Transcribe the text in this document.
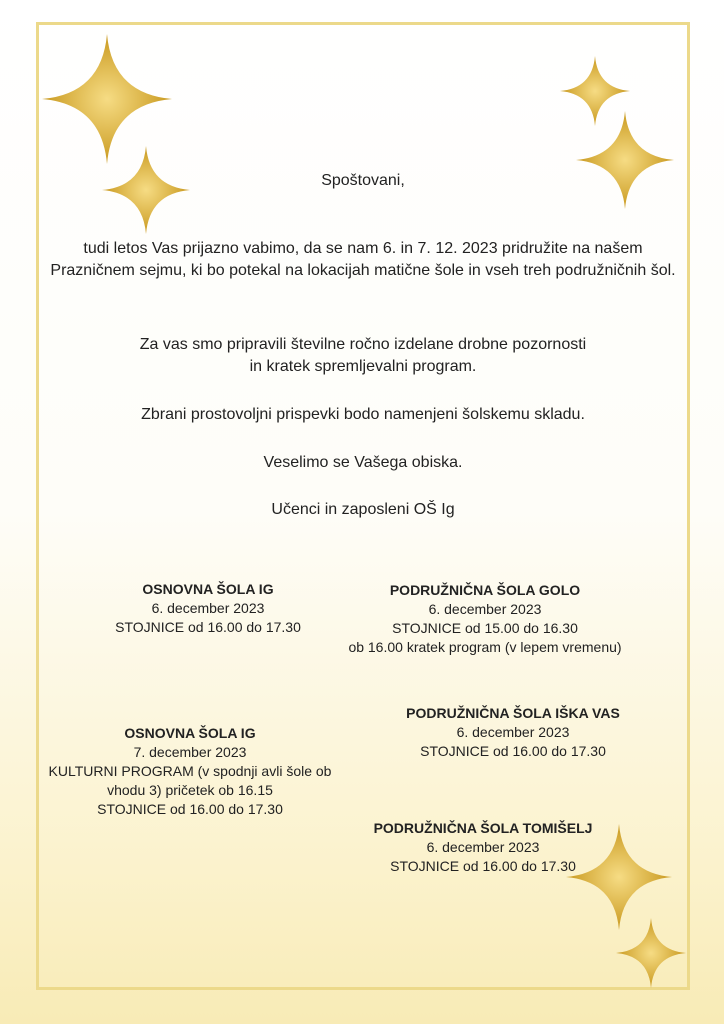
Spoštovani,
tudi letos Vas prijazno vabimo, da se nam 6. in 7. 12. 2023 pridružite na našem Prazničnem sejmu, ki bo potekal na lokacijah matične šole in vseh treh podružničnih šol.
Za vas smo pripravili številne ročno izdelane drobne pozornosti
in kratek spremljevalni program.
Zbrani prostovoljni prispevki bodo namenjeni šolskemu skladu.
Veselimo se Vašega obiska.
Učenci in zaposleni OŠ Ig
OSNOVNA ŠOLA IG
6. december 2023
STOJNICE od 16.00 do 17.30
PODRUŽNIČNA ŠOLA GOLO
6. december 2023
STOJNICE od 15.00 do 16.30
ob 16.00 kratek program (v lepem vremenu)
OSNOVNA ŠOLA IG
7. december 2023
KULTURNI PROGRAM (v spodnji avli šole ob vhodu 3) pričetek ob 16.15
STOJNICE od 16.00 do 17.30
PODRUŽNIČNA ŠOLA IŠKA VAS
6. december 2023
STOJNICE od 16.00 do 17.30
PODRUŽNIČNA ŠOLA TOMIŠELJ
6. december 2023
STOJNICE od 16.00 do 17.30
